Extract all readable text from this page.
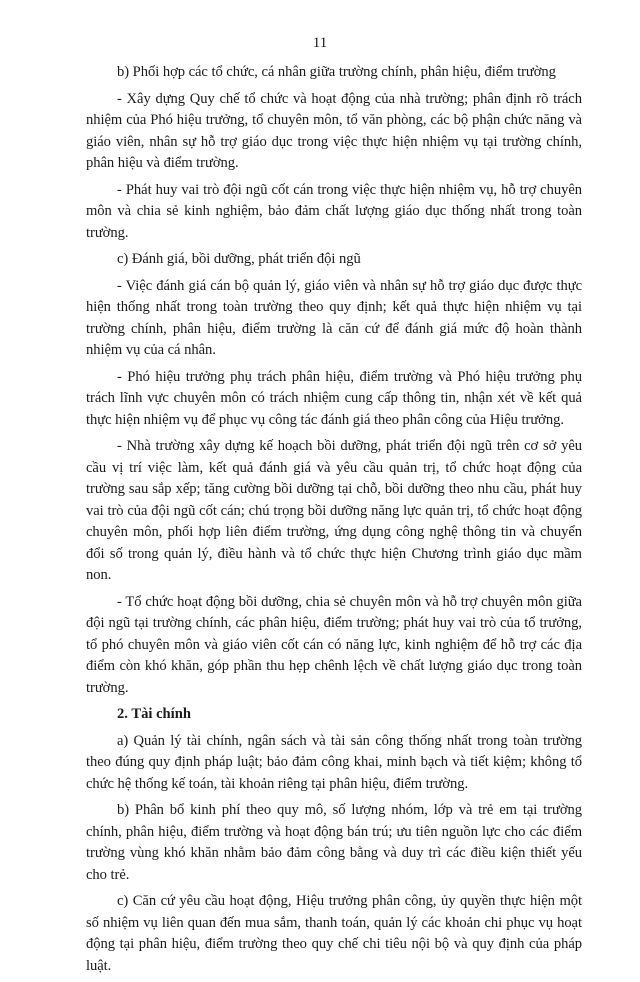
11

b) Phối hợp các tổ chức, cá nhân giữa trường chính, phân hiệu, điểm trường

- Xây dựng Quy chế tổ chức và hoạt động của nhà trường; phân định rõ trách nhiệm của Phó hiệu trưởng, tổ chuyên môn, tổ văn phòng, các bộ phận chức năng và giáo viên, nhân sự hỗ trợ giáo dục trong việc thực hiện nhiệm vụ tại trường chính, phân hiệu và điểm trường.

- Phát huy vai trò đội ngũ cốt cán trong việc thực hiện nhiệm vụ, hỗ trợ chuyên môn và chia sẻ kinh nghiệm, bảo đảm chất lượng giáo dục thống nhất trong toàn trường.

c) Đánh giá, bồi dưỡng, phát triển đội ngũ

- Việc đánh giá cán bộ quản lý, giáo viên và nhân sự hỗ trợ giáo dục được thực hiện thống nhất trong toàn trường theo quy định; kết quả thực hiện nhiệm vụ tại trường chính, phân hiệu, điểm trường là căn cứ để đánh giá mức độ hoàn thành nhiệm vụ của cá nhân.

- Phó hiệu trưởng phụ trách phân hiệu, điểm trường và Phó hiệu trưởng phụ trách lĩnh vực chuyên môn có trách nhiệm cung cấp thông tin, nhận xét về kết quả thực hiện nhiệm vụ để phục vụ công tác đánh giá theo phân công của Hiệu trưởng.

- Nhà trường xây dựng kế hoạch bồi dưỡng, phát triển đội ngũ trên cơ sở yêu cầu vị trí việc làm, kết quả đánh giá và yêu cầu quản trị, tổ chức hoạt động của trường sau sắp xếp; tăng cường bồi dưỡng tại chỗ, bồi dưỡng theo nhu cầu, phát huy vai trò của đội ngũ cốt cán; chú trọng bồi dưỡng năng lực quản trị, tổ chức hoạt động chuyên môn, phối hợp liên điểm trường, ứng dụng công nghệ thông tin và chuyển đổi số trong quản lý, điều hành và tổ chức thực hiện Chương trình giáo dục mầm non.

- Tổ chức hoạt động bồi dưỡng, chia sẻ chuyên môn và hỗ trợ chuyên môn giữa đội ngũ tại trường chính, các phân hiệu, điểm trường; phát huy vai trò của tổ trưởng, tổ phó chuyên môn và giáo viên cốt cán có năng lực, kinh nghiệm để hỗ trợ các địa điểm còn khó khăn, góp phần thu hẹp chênh lệch về chất lượng giáo dục trong toàn trường.

2. Tài chính

a) Quản lý tài chính, ngân sách và tài sản công thống nhất trong toàn trường theo đúng quy định pháp luật; bảo đảm công khai, minh bạch và tiết kiệm; không tổ chức hệ thống kế toán, tài khoản riêng tại phân hiệu, điểm trường.

b) Phân bổ kinh phí theo quy mô, số lượng nhóm, lớp và trẻ em tại trường chính, phân hiệu, điểm trường và hoạt động bán trú; ưu tiên nguồn lực cho các điểm trường vùng khó khăn nhằm bảo đảm công bằng và duy trì các điều kiện thiết yếu cho trẻ.

c) Căn cứ yêu cầu hoạt động, Hiệu trưởng phân công, ủy quyền thực hiện một số nhiệm vụ liên quan đến mua sắm, thanh toán, quản lý các khoản chi phục vụ hoạt động tại phân hiệu, điểm trường theo quy chế chi tiêu nội bộ và quy định của pháp luật.
